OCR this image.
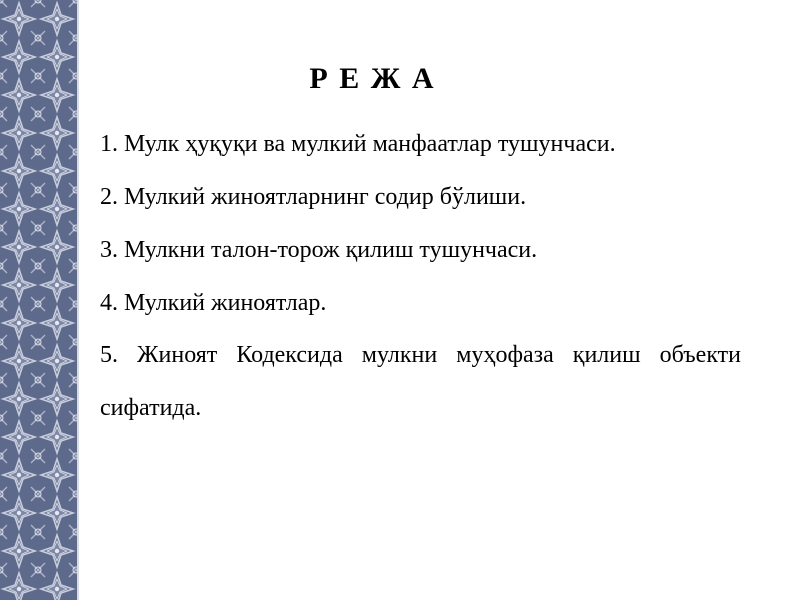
Р Е Ж А
1. Мулк ҳуқуқи ва мулкий манфаатлар тушунчаси.
2. Мулкий жиноятларнинг содир бўлиши.
3. Мулкни талон-торож қилиш тушунчаси.
4. Мулкий жиноятлар.
5. Жиноят Кодексида мулкни муҳофаза қилиш объекти сифатида.
